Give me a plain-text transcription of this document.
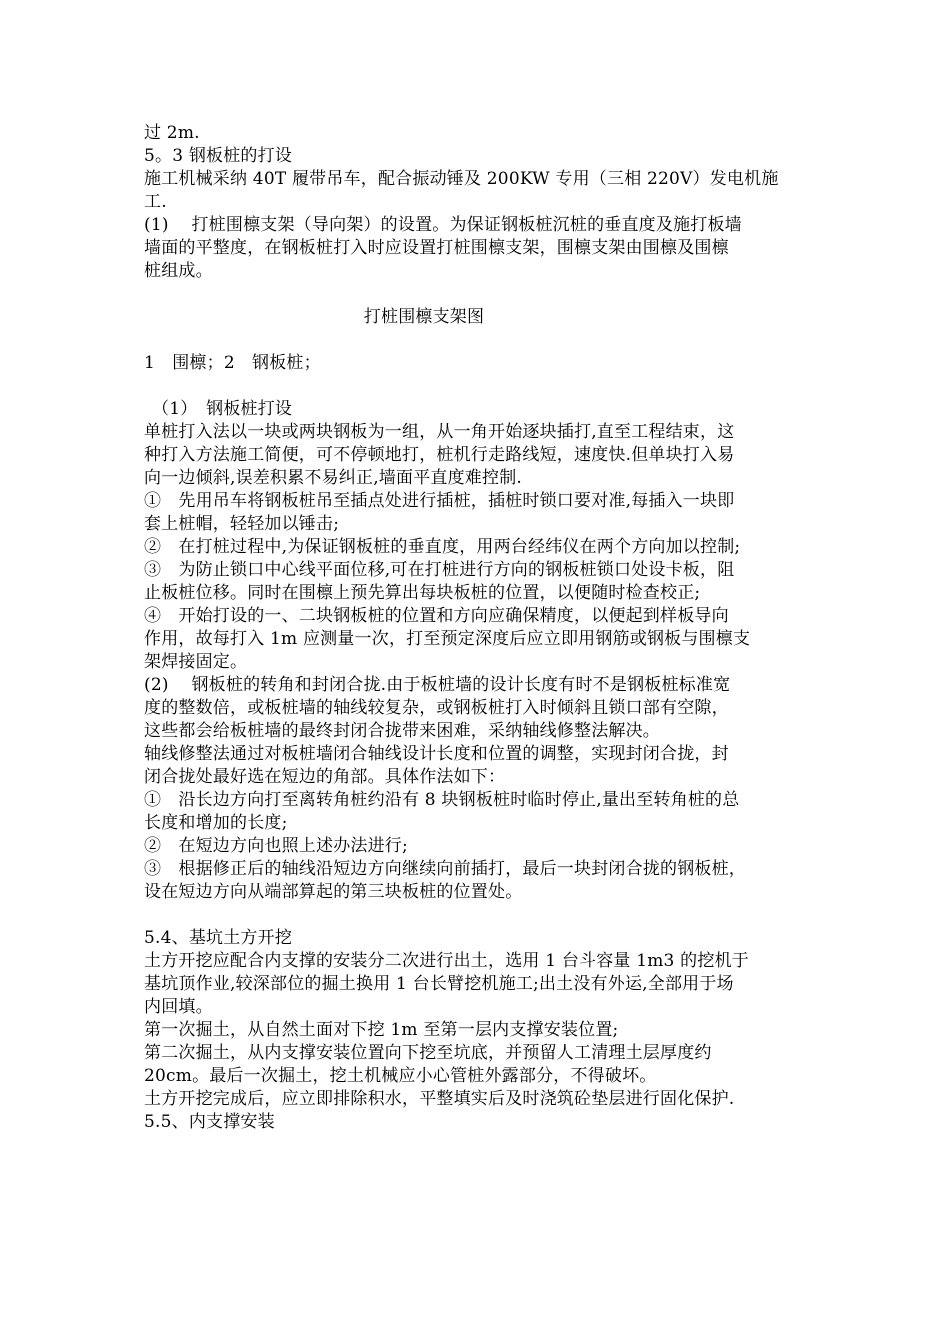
过 2m.
5。3 钢板桩的打设
施工机械采纳 40T 履带吊车，配合振动锤及 200KW 专用（三相 220V）发电机施
工.
(1)　 打桩围檩支架（导向架）的设置。为保证钢板桩沉桩的垂直度及施打板墙
墙面的平整度，在钢板桩打入时应设置打桩围檩支架，围檩支架由围檩及围檩
桩组成。
打桩围檩支架图
1　围檩；2　钢板桩；
（1）　钢板桩打设
单桩打入法以一块或两块钢板为一组，从一角开始逐块插打,直至工程结束，这
种打入方法施工简便，可不停顿地打，桩机行走路线短，速度快.但单块打入易
向一边倾斜,误差积累不易纠正,墙面平直度难控制.
①　先用吊车将钢板桩吊至插点处进行插桩，插桩时锁口要对准,每插入一块即
套上桩帽，轻轻加以锤击;
②　在打桩过程中,为保证钢板桩的垂直度，用两台经纬仪在两个方向加以控制;
③　为防止锁口中心线平面位移,可在打桩进行方向的钢板桩锁口处设卡板，阻
止板桩位移。同时在围檩上预先算出每块板桩的位置，以便随时检查校正;
④　开始打设的一、二块钢板桩的位置和方向应确保精度，以便起到样板导向
作用，故每打入 1m 应测量一次，打至预定深度后应立即用钢筋或钢板与围檩支
架焊接固定。
(2)　 钢板桩的转角和封闭合拢.由于板桩墙的设计长度有时不是钢板桩标准宽
度的整数倍，或板桩墙的轴线较复杂，或钢板桩打入时倾斜且锁口部有空隙，
这些都会给板桩墙的最终封闭合拢带来困难，采纳轴线修整法解决。
轴线修整法通过对板桩墙闭合轴线设计长度和位置的调整，实现封闭合拢，封
闭合拢处最好选在短边的角部。具体作法如下：
①　沿长边方向打至离转角桩约沿有 8 块钢板桩时临时停止,量出至转角桩的总
长度和增加的长度;
②　在短边方向也照上述办法进行;
③　根据修正后的轴线沿短边方向继续向前插打，最后一块封闭合拢的钢板桩，
设在短边方向从端部算起的第三块板桩的位置处。
5.4、基坑土方开挖
土方开挖应配合内支撑的安装分二次进行出土，选用 1 台斗容量 1m3 的挖机于
基坑顶作业,较深部位的掘土换用 1 台长臂挖机施工;出土没有外运,全部用于场
内回填。
第一次掘土，从自然土面对下挖 1m 至第一层内支撑安装位置;
第二次掘土，从内支撑安装位置向下挖至坑底，并预留人工清理土层厚度约
20cm。最后一次掘土，挖土机械应小心管桩外露部分，不得破坏。
土方开挖完成后，应立即排除积水，平整填实后及时浇筑砼垫层进行固化保护.
5.5、内支撑安装
